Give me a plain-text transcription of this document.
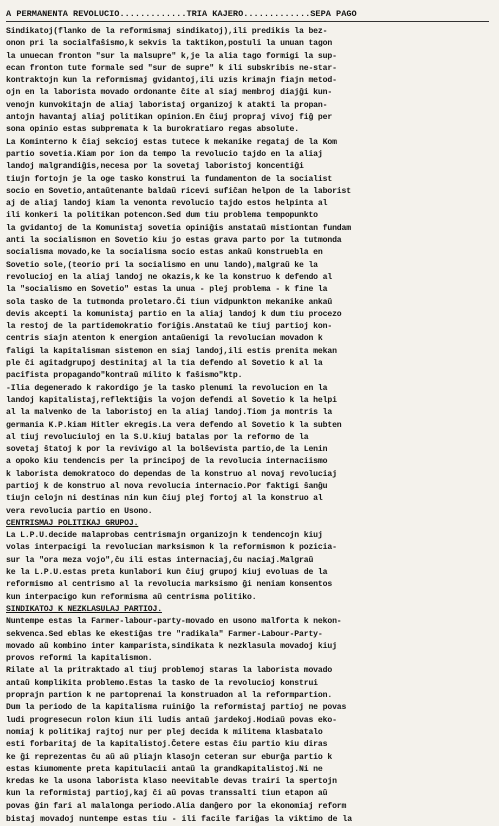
A PERMANENTA REVOLUCIO.............TRIA KAJERO.............SEPA PAGO
Sindikatoj(flanko de la reformismaj sindikatoj),ili predikis la bez-
onon pri la socialfaŝismo,k sekvis la taktikon,postuli la unuan tagon
la unuecan fronton "sur la malsupre" k,je la alia tago formigi la sup-
ecan fronton tute formale sed "sur de supre" k ili subskribis ne-star-
kontraktojn kun la reformismaj gvidantoj,ili uzis krimajn fiajn metod-
ojn en la laborista movado ordonante ĉite al siaj membroj diajĝi kun-
venojn kunvokitajn de aliaj laboristaj organizoj k atakti la propan-
antojn havantaj aliaj politikan opinion.En ĉiuj propraj vivoj fiĝ per
sona opinio estas subpremata k la burokratiaro regas absolute.
La Kominterno k ĉiaj sekcioj estas tutece k mekanike regataj de la Kom
partio sovetia.Kiam por ion da tempo la revolucio tajdo en la aliaj
landoj malgrandiĝis,necesa por la sovetaj laboristoj koncentiĝi
tiujn fortojn je la oge tasko konstrui la fundamenton de la socialist
socio en Sovetio,antaŭtenante baldaŭ ricevi sufiĉan helpon de la laborist
aj de aliaj landoj kiam la venonta revolucio tajdo estos helpinta al
ili konkeri la politikan potencon.Sed dum tiu problema tempopunkto
la gvidantoj de la Komunistaj sovetia opiniĝis anstataŭ mistiontan fundam
anti la socialismon en Sovetio kiu jo estas grava parto por la tutmonda
socialisma movado,ke la socialisma socio estas ankaŭ konstruebla en
Sovetio sole,(teorio pri la socialismo en unu lando),malgraŭ ke la
revolucioj en la aliaj landoj ne okazis,k ke la konstruo k defendo al
la "socialismo en Sovetio" estas la unua - plej problema - k fine la
sola tasko de la tutmonda proletaro.Ĉi tiun vidpunkton mekanike ankaŭ
devis akcepti la komunistaj partio en la aliaj landoj k dum tiu procezo
la restoj de la partidemokratio foriĝis.Anstataŭ ke tiuj partioj kon-
centris siajn atenton k energion antaŭenigi la revolucian movadon k
faligi la kapitalisman sistemon en siaj landoj,ili estis prenita mekan
ple ĉi agitadgrupoj destinitaj al la tia defendo al Sovetio k al la
pacifista propagando"kontraŭ milito k faŝismo"ktp.
-Ilia degenerado k rakordigo je la tasko plenumi la revolucion en la
landoj kapitalistaj,reflektiĝis la vojon defendi al Sovetio k la helpi
al la malvenko de la laboristoj en la aliaj landoj.Tiom ja montris la
germania K.P.kiam Hitler ekregis.La vera defendo al Sovetio k la subten
al tiuj revoluciuloj en la S.U.kiuj batalas por la reformo de la
sovetaj ŝtatoj k por la revivigo al la bolŝevista partio,de la Lenin
a opoko kiu tendencis per la principoj de la revolucia internaciismo
k laborista demokratoco do dependas de la konstruo al novaj revoluciaj
partioj k de konstruo al nova revolucia internacio.Por faktigi ŝanĝu
tiujn celojn ni destinas nin kun ĉiuj plej fortoj al la konstruo al
vera revolucia partio en Usono.
CENTRISMAJ POLITIKAJ GRUPOJ.
La L.P.U.decide malaprobas centrismajn organizojn k tendencojn kiuj
volas interpacigi la revolucian marksismon k la reformismon k pozicia-
sur la "ora meza vojo",ĉu ili estas internaciaj,ĉu naciaj.Malgraŭ
ke la L.P.U.estas preta kunlabori kun ĉiuj grupoj kiuj evoluas de la
reformismo al centrismo al la revolucia marksismo ĝi neniam konsentos
kun interpacigo kun reformisma aŭ centrisma politiko.
SINDIKATOJ K NEZKLASULAJ PARTIOJ.
Nuntempe estas la Farmer-labour-party-movado en usono malforta k nekon-
sekvenca.Sed eblas ke ekestiĝas tre "radikala" Farmer-Labour-Party-
movado aŭ kombino inter kamparista,sindikata k nezklasula movadoj kiuj
provos reformi la kapitalismon.
Rilate al la pritraktado al tiuj problemoj staras la laborista movado
antaŭ komplikita problemo.Estas la tasko de la revolucioj konstrui
proprajn partion k ne partoprenai la konstruadon al la reformpartion.
Dum la periodo de la kapitalisma ruiniĝo la reformistaj partioj ne povas
ludi progresecun rolon kiun ili ludis antaŭ jardekoj.Hodiaŭ povas eko-
nomiaj k politikaj rajtoj nur per plej decida k militema klasbatalo
esti forbaritaj de la kapitalistoj.Ĉetere estas ĉiu partio kiu diras
ke ĝi reprezentas ĉu aŭ aŭ pliajn klasojn ceteran sur eburĝa partio k
estas kiumomente preta kapitulacii antaŭ la grandkapitalistoj.Ni ne
kredas ke la usona laborista klaso neevitable devas trairi la spertojn
kun la reformistaj partioj,kaj ĉi aŭ povas transsalti tiun etapon aŭ
povas ĝin fari al malalonga periodo.Alia danĝero por la ekonomiaj reform
bistaj movadoj nuntempe estas tiu - ili facile fariĝas la viktimo de la
